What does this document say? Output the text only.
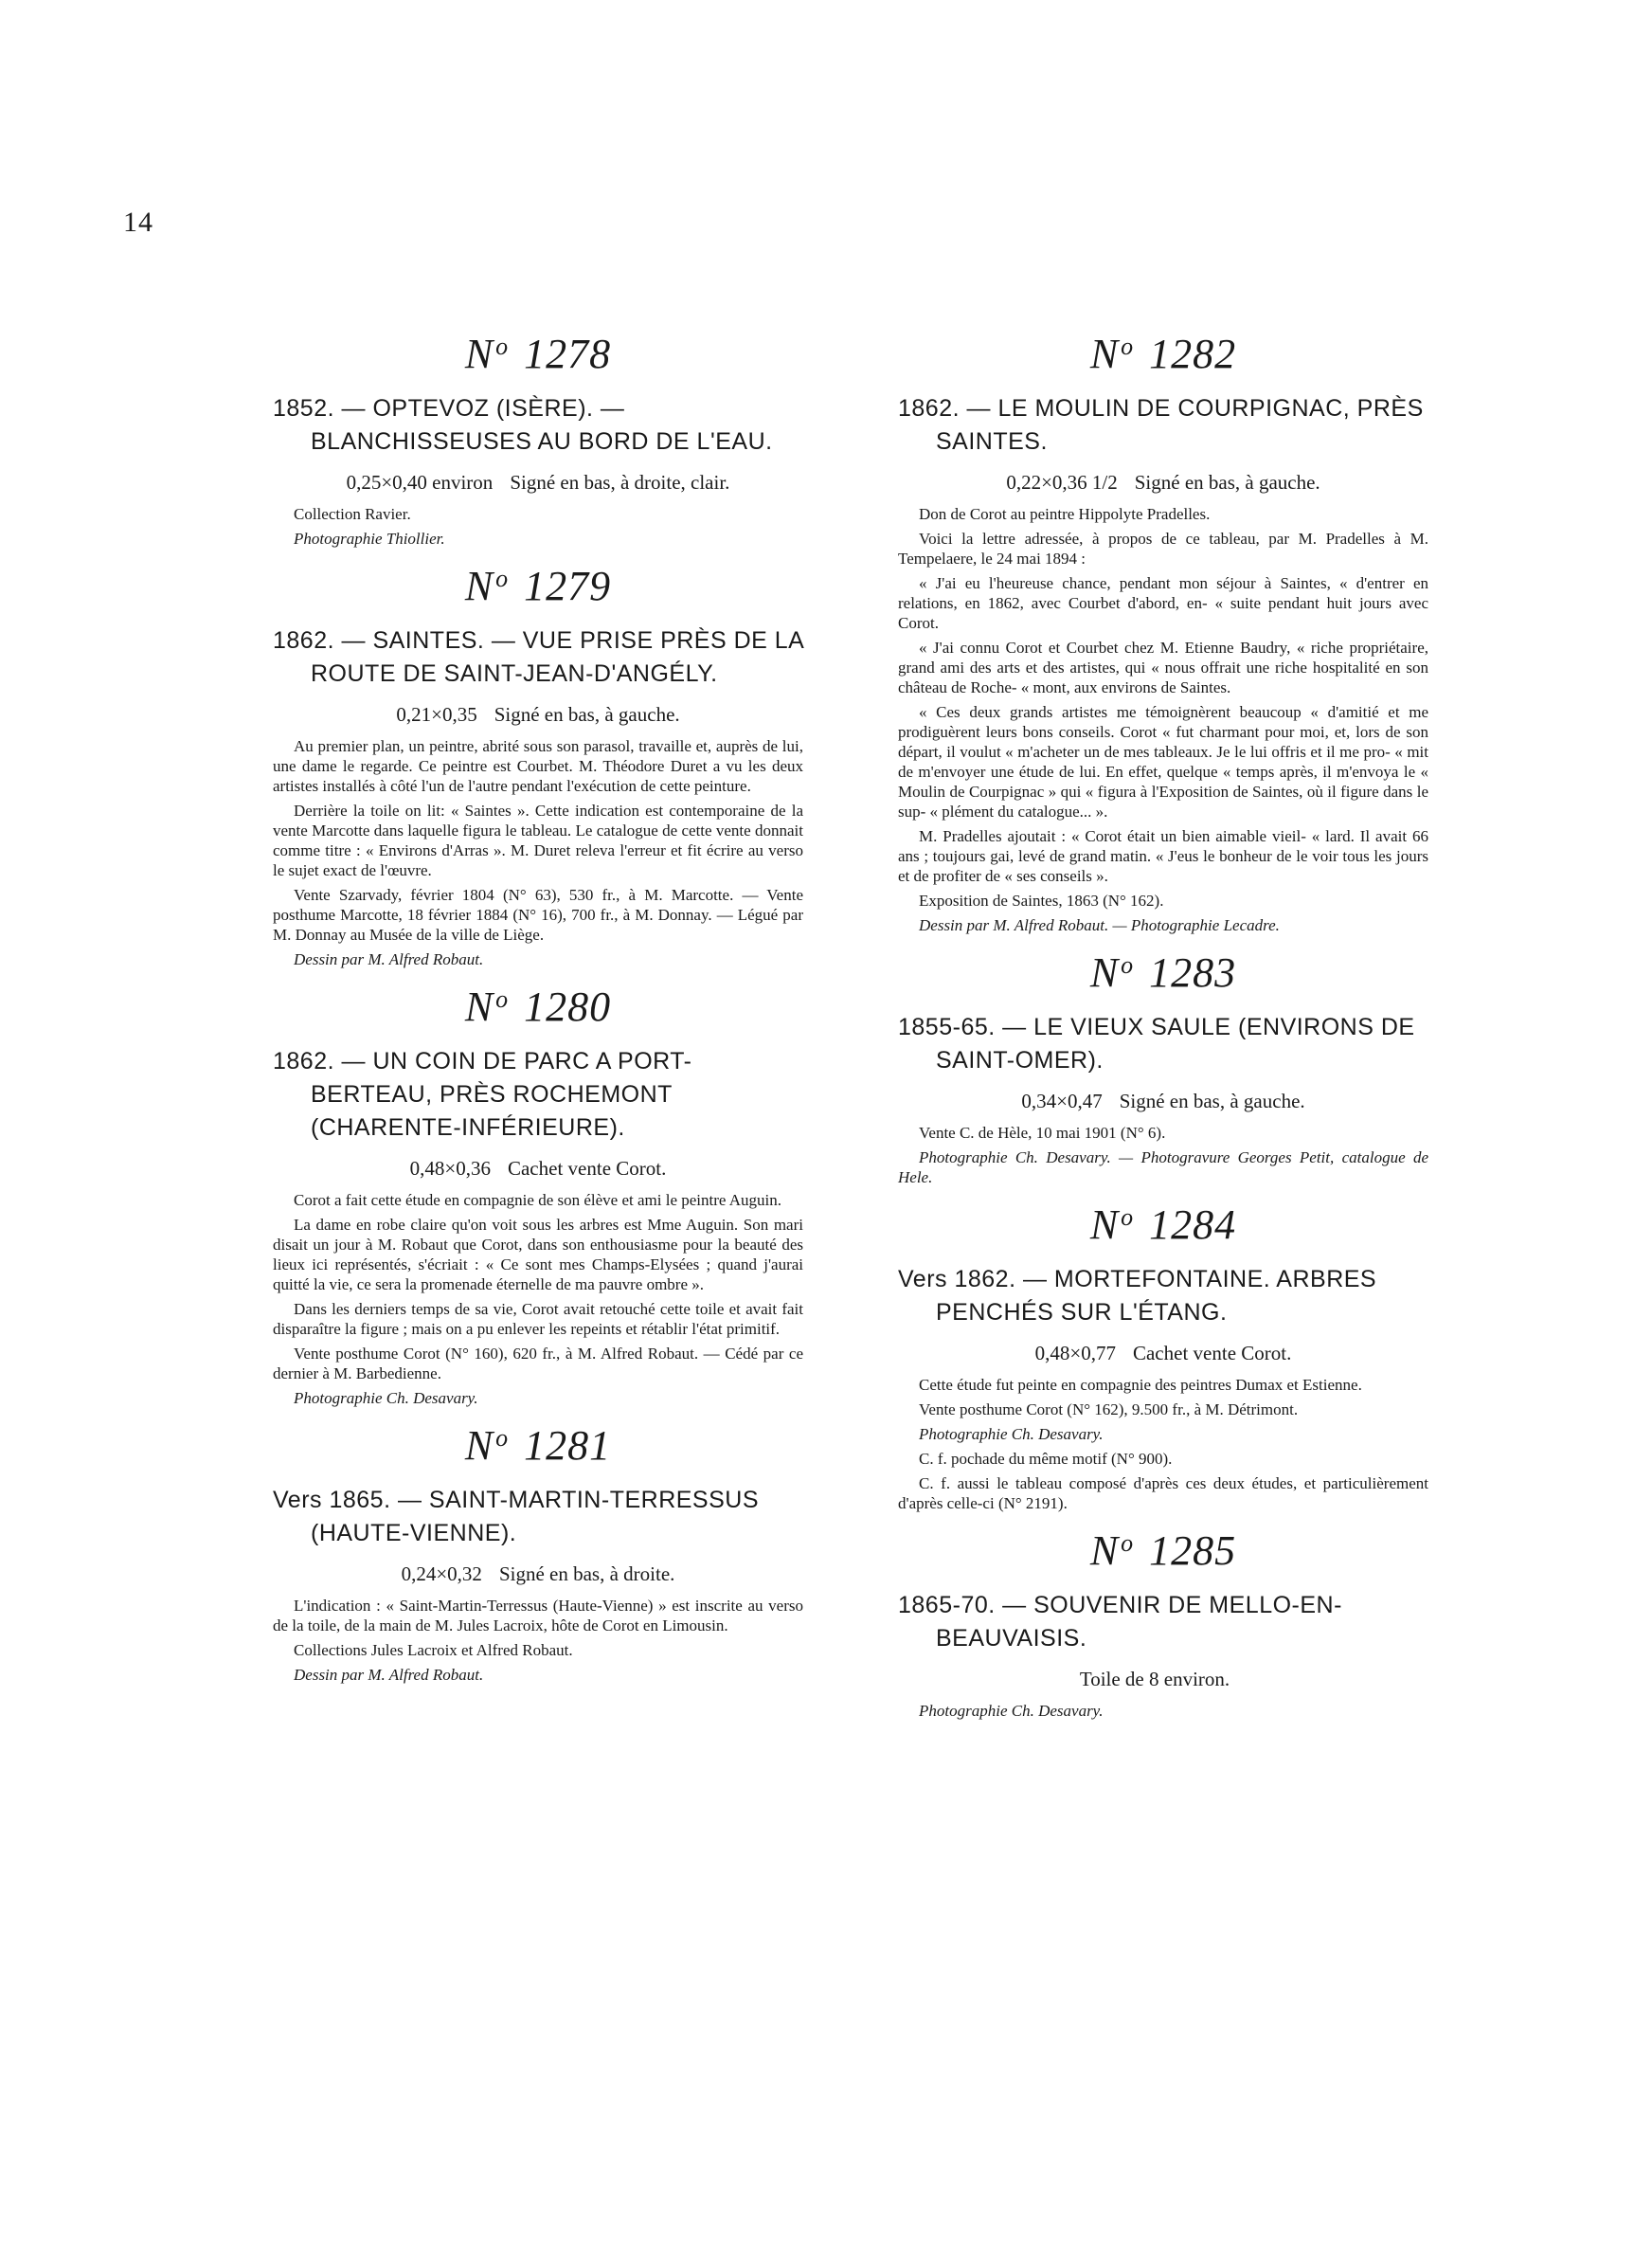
14
$N^o$ 1278
1852. — OPTEVOZ (ISÈRE). — BLANCHISSEUSES AU BORD DE L'EAU.
0,25×0,40 environ Signé en bas, à droite, clair.
Collection Ravier.
Photographie Thiollier.
$N^o$ 1279
1862. — SAINTES. — VUE PRISE PRÈS DE LA ROUTE DE SAINT-JEAN-D'ANGÉLY.
0,21×0,35 Signé en bas, à gauche.
Au premier plan, un peintre, abrité sous son parasol, travaille et, auprès de lui, une dame le regarde. Ce peintre est Courbet. M. Théodore Duret a vu les deux artistes installés à côté l'un de l'autre pendant l'exécution de cette peinture.
Derrière la toile on lit: « Saintes ». Cette indication est contemporaine de la vente Marcotte dans laquelle figura le tableau. Le catalogue de cette vente donnait comme titre : « Environs d'Arras ». M. Duret releva l'erreur et fit écrire au verso le sujet exact de l'œuvre.
Vente Szarvady, février 1804 (N° 63), 530 fr., à M. Marcotte. — Vente posthume Marcotte, 18 février 1884 (N° 16), 700 fr., à M. Donnay. — Légué par M. Donnay au Musée de la ville de Liège.
Dessin par M. Alfred Robaut.
$N^o$ 1280
1862. — UN COIN DE PARC A PORT-BERTEAU, PRÈS ROCHEMONT (CHARENTE-INFÉRIEURE).
0,48×0,36 Cachet vente Corot.
Corot a fait cette étude en compagnie de son élève et ami le peintre Auguin.
La dame en robe claire qu'on voit sous les arbres est Mme Auguin. Son mari disait un jour à M. Robaut que Corot, dans son enthousiasme pour la beauté des lieux ici représentés, s'écriait : « Ce sont mes Champs-Elysées ; quand j'aurai quitté la vie, ce sera la promenade éternelle de ma pauvre ombre ».
Dans les derniers temps de sa vie, Corot avait retouché cette toile et avait fait disparaître la figure ; mais on a pu enlever les repeints et rétablir l'état primitif.
Vente posthume Corot (N° 160), 620 fr., à M. Alfred Robaut. — Cédé par ce dernier à M. Barbedienne.
Photographie Ch. Desavary.
$N^o$ 1281
Vers 1865. — SAINT-MARTIN-TERRESSUS (HAUTE-VIENNE).
0,24×0,32 Signé en bas, à droite.
L'indication : « Saint-Martin-Terressus (Haute-Vienne) » est inscrite au verso de la toile, de la main de M. Jules Lacroix, hôte de Corot en Limousin.
Collections Jules Lacroix et Alfred Robaut.
Dessin par M. Alfred Robaut.
$N^o$ 1282
1862. — LE MOULIN DE COURPIGNAC, PRÈS SAINTES.
0,22×0,36 1/2 Signé en bas, à gauche.
Don de Corot au peintre Hippolyte Pradelles.
Voici la lettre adressée, à propos de ce tableau, par M. Pradelles à M. Tempelaere, le 24 mai 1894 :
« J'ai eu l'heureuse chance, pendant mon séjour à Saintes, « d'entrer en relations, en 1862, avec Courbet d'abord, en- « suite pendant huit jours avec Corot.
« J'ai connu Corot et Courbet chez M. Etienne Baudry, « riche propriétaire, grand ami des arts et des artistes, qui « nous offrait une riche hospitalité en son château de Roche- « mont, aux environs de Saintes.
« Ces deux grands artistes me témoignèrent beaucoup « d'amitié et me prodiguèrent leurs bons conseils. Corot « fut charmant pour moi, et, lors de son départ, il voulut « m'acheter un de mes tableaux. Je le lui offris et il me pro- « mit de m'envoyer une étude de lui. En effet, quelque « temps après, il m'envoya le « Moulin de Courpignac » qui « figura à l'Exposition de Saintes, où il figure dans le sup- « plément du catalogue... ».
M. Pradelles ajoutait : « Corot était un bien aimable vieil- « lard. Il avait 66 ans ; toujours gai, levé de grand matin. « J'eus le bonheur de le voir tous les jours et de profiter de « ses conseils ».
Exposition de Saintes, 1863 (N° 162).
Dessin par M. Alfred Robaut. — Photographie Lecadre.
$N^o$ 1283
1855-65. — LE VIEUX SAULE (ENVIRONS DE SAINT-OMER).
0,34×0,47 Signé en bas, à gauche.
Vente C. de Hèle, 10 mai 1901 (N° 6).
Photographie Ch. Desavary. — Photogravure Georges Petit, catalogue de Hele.
$N^o$ 1284
Vers 1862. — MORTEFONTAINE. ARBRES PENCHÉS SUR L'ÉTANG.
0,48×0,77 Cachet vente Corot.
Cette étude fut peinte en compagnie des peintres Dumax et Estienne.
Vente posthume Corot (N° 162), 9.500 fr., à M. Détrimont.
Photographie Ch. Desavary.
C. f. pochade du même motif (N° 900).
C. f. aussi le tableau composé d'après ces deux études, et particulièrement d'après celle-ci (N° 2191).
$N^o$ 1285
1865-70. — SOUVENIR DE MELLO-EN-BEAUVAISIS.
Toile de 8 environ.
Photographie Ch. Desavary.
